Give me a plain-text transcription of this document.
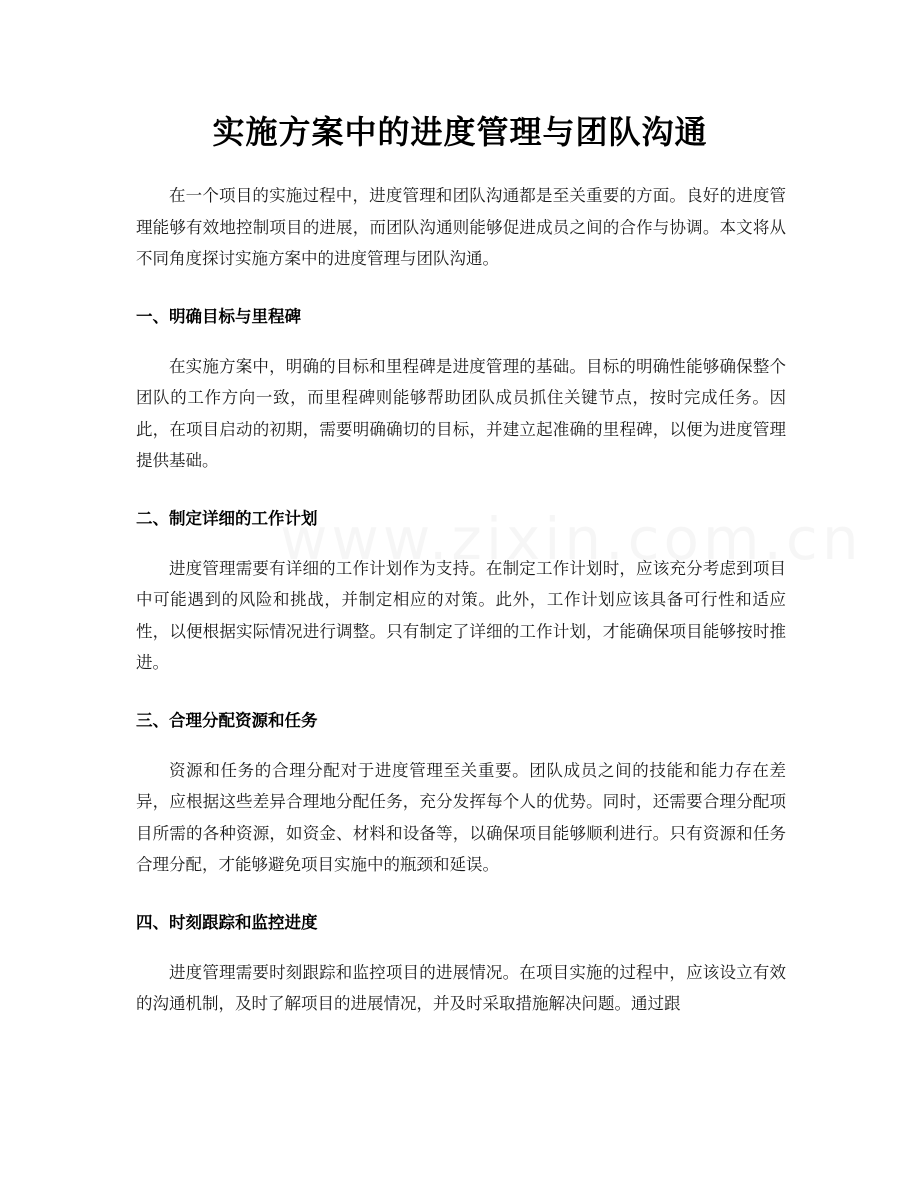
实施方案中的进度管理与团队沟通

在一个项目的实施过程中，进度管理和团队沟通都是至关重要的方面。良好的进度管理能够有效地控制项目的进展，而团队沟通则能够促进成员之间的合作与协调。本文将从不同角度探讨实施方案中的进度管理与团队沟通。

一、明确目标与里程碑

在实施方案中，明确的目标和里程碑是进度管理的基础。目标的明确性能够确保整个团队的工作方向一致，而里程碑则能够帮助团队成员抓住关键节点，按时完成任务。因此，在项目启动的初期，需要明确确切的目标，并建立起准确的里程碑，以便为进度管理提供基础。

二、制定详细的工作计划

进度管理需要有详细的工作计划作为支持。在制定工作计划时，应该充分考虑到项目中可能遇到的风险和挑战，并制定相应的对策。此外，工作计划应该具备可行性和适应性，以便根据实际情况进行调整。只有制定了详细的工作计划，才能确保项目能够按时推进。

三、合理分配资源和任务

资源和任务的合理分配对于进度管理至关重要。团队成员之间的技能和能力存在差异，应根据这些差异合理地分配任务，充分发挥每个人的优势。同时，还需要合理分配项目所需的各种资源，如资金、材料和设备等，以确保项目能够顺利进行。只有资源和任务合理分配，才能够避免项目实施中的瓶颈和延误。

四、时刻跟踪和监控进度

进度管理需要时刻跟踪和监控项目的进展情况。在项目实施的过程中，应该设立有效的沟通机制，及时了解项目的进展情况，并及时采取措施解决问题。通过跟
